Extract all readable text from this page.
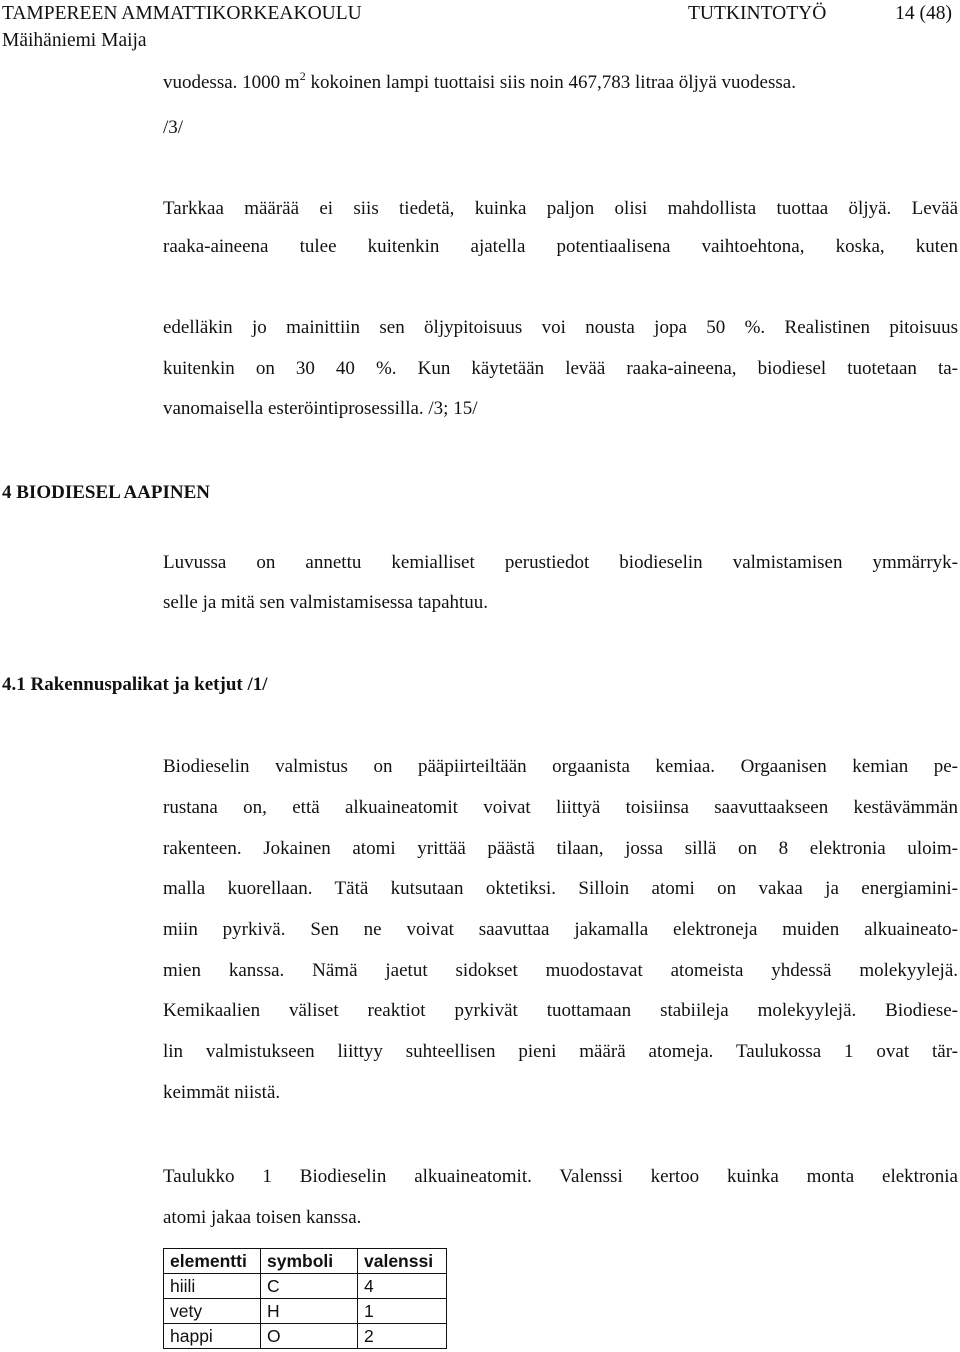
TAMPEREEN AMMATTIKORKEAKOULU	TUTKINTOTYÖ	14 (48)
Mäihäniemi Maija
vuodessa. 1000 $m^2$ kokoinen lampi tuottaisi siis noin 467,783 litraa öljyä vuodessa.
/3/
Tarkkaa määrää ei siis tiedetä, kuinka paljon olisi mahdollista tuottaa öljyä. Levää
raaka-aineena tulee kuitenkin ajatella potentiaalisena vaihtoehtona, koska, kuten
edelläkin jo mainittiin sen öljypitoisuus voi nousta jopa 50 %. Realistinen pitoisuus
kuitenkin on 30 40 %. Kun käytetään levää raaka-aineena, biodiesel tuotetaan ta-
vanomaisella esteröintiprosessilla. /3; 15/
4 BIODIESEL AAPINEN
Luvussa on annettu kemialliset perustiedot biodieselin valmistamisen ymmärryk-
selle ja mitä sen valmistamisessa tapahtuu.
4.1 Rakennuspalikat ja ketjut /1/
Biodieselin valmistus on pääpiirteiltään orgaanista kemiaa. Orgaanisen kemian pe-
rustana on, että alkuaineatomit voivat liittyä toisiinsa saavuttaakseen kestävämmän
rakenteen. Jokainen atomi yrittää päästä tilaan, jossa sillä on 8 elektronia uloim-
malla kuorellaan. Tätä kutsutaan oktetiksi. Silloin atomi on vakaa ja energiamini-
miin pyrkivä. Sen ne voivat saavuttaa jakamalla elektroneja muiden alkuaineato-
mien kanssa. Nämä jaetut sidokset muodostavat atomeista yhdessä molekyylejä.
Kemikaalien väliset reaktiot pyrkivät tuottamaan stabiileja molekyylejä. Biodiese-
lin valmistukseen liittyy suhteellisen pieni määrä atomeja. Taulukossa 1 ovat tär-
keimmät niistä.
Taulukko 1 Biodieselin alkuaineatomit. Valenssi kertoo kuinka monta elektronia
atomi jakaa toisen kanssa.
elementti	symboli	valenssi
hiili	C	4
vety	H	1
happi	O	2
